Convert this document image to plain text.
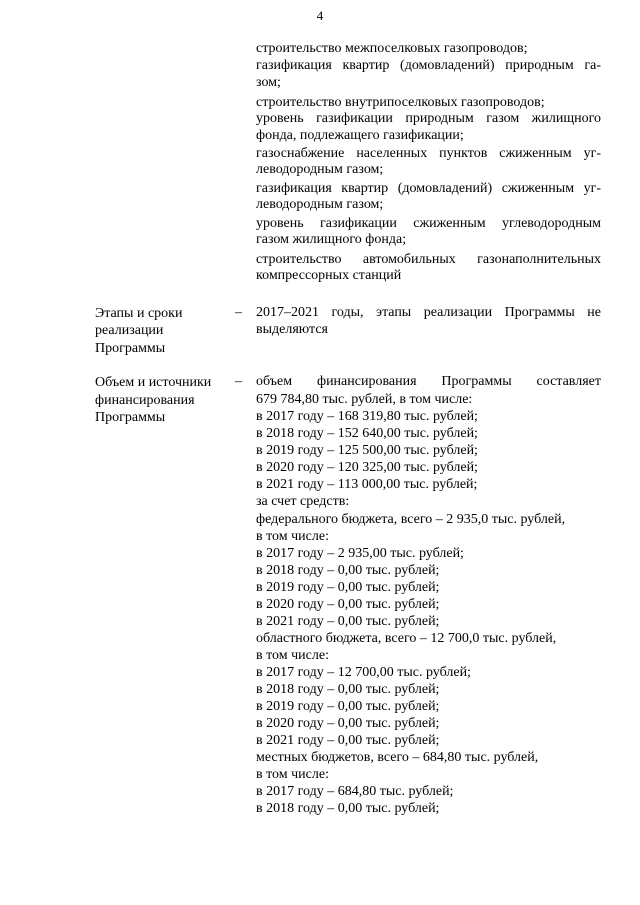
4
строительство межпоселковых газопроводов;
газификация квартир (домовладений) природным га-
зом;
строительство внутрипоселковых газопроводов;
уровень газификации природным газом жилищного
фонда, подлежащего газификации;
газоснабжение населенных пунктов сжиженным уг-
леводородным газом;
газификация квартир (домовладений) сжиженным уг-
леводородным газом;
уровень газификации сжиженным углеводородным
газом жилищного фонда;
строительство автомобильных газонаполнительных
компрессорных станций
Этапы и сроки
реализации
Программы
– 2017–2021 годы, этапы реализации Программы не
выделяются
Объем и источники
финансирования
Программы
– объем финансирования Программы составляет
679 784,80 тыс. рублей, в том числе:
в 2017 году – 168 319,80 тыс. рублей;
в 2018 году – 152 640,00 тыс. рублей;
в 2019 году – 125 500,00 тыс. рублей;
в 2020 году – 120 325,00 тыс. рублей;
в 2021 году – 113 000,00 тыс. рублей;
за счет средств:
федерального бюджета, всего – 2 935,0 тыс. рублей,
в том числе:
в 2017 году – 2 935,00 тыс. рублей;
в 2018 году – 0,00 тыс. рублей;
в 2019 году – 0,00 тыс. рублей;
в 2020 году – 0,00 тыс. рублей;
в 2021 году – 0,00 тыс. рублей;
областного бюджета, всего – 12 700,0 тыс. рублей,
в том числе:
в 2017 году – 12 700,00 тыс. рублей;
в 2018 году – 0,00 тыс. рублей;
в 2019 году – 0,00 тыс. рублей;
в 2020 году – 0,00 тыс. рублей;
в 2021 году – 0,00 тыс. рублей;
местных бюджетов, всего – 684,80 тыс. рублей,
в том числе:
в 2017 году – 684,80 тыс. рублей;
в 2018 году – 0,00 тыс. рублей;
